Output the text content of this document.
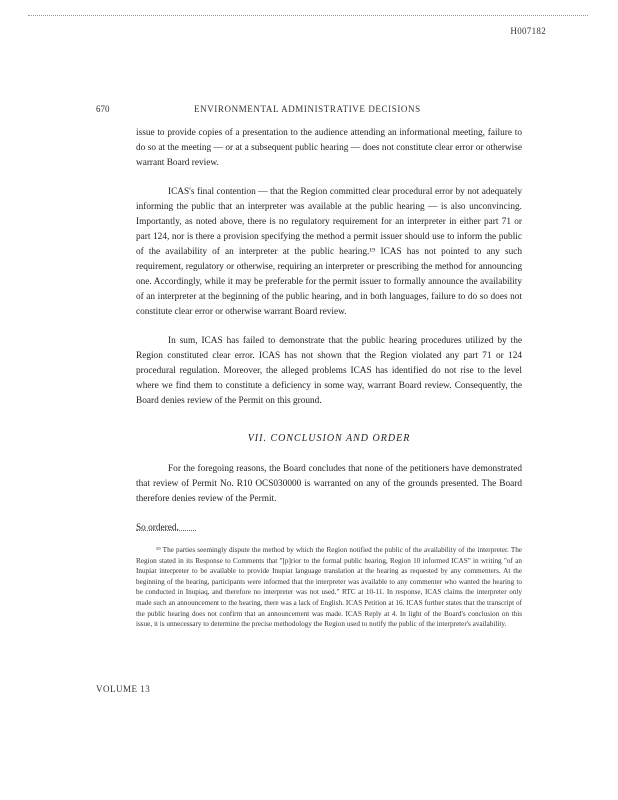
H007182
670	ENVIRONMENTAL ADMINISTRATIVE DECISIONS

issue to provide copies of a presentation to the audience attending an informational meeting, failure to do so at the meeting — or at a subsequent public hearing — does not constitute clear error or otherwise warrant Board review.

ICAS's final contention — that the Region committed clear procedural error by not adequately informing the public that an interpreter was available at the public hearing — is also unconvincing. Importantly, as noted above, there is no regulatory requirement for an interpreter in either part 71 or part 124, nor is there a provision specifying the method a permit issuer should use to inform the public of the availability of an interpreter at the public hearing.¹⁹ ICAS has not pointed to any such requirement, regulatory or otherwise, requiring an interpreter or prescribing the method for announcing one. Accordingly, while it may be preferable for the permit issuer to formally announce the availability of an interpreter at the beginning of the public hearing, and in both languages, failure to do so does not constitute clear error or otherwise warrant Board review.

In sum, ICAS has failed to demonstrate that the public hearing procedures utilized by the Region constituted clear error. ICAS has not shown that the Region violated any part 71 or 124 procedural regulation. Moreover, the alleged problems ICAS has identified do not rise to the level where we find them to constitute a deficiency in some way, warrant Board review. Consequently, the Board denies review of the Permit on this ground.

VII. CONCLUSION AND ORDER

For the foregoing reasons, the Board concludes that none of the petitioners have demonstrated that review of Permit No. R10 OCS030000 is warranted on any of the grounds presented. The Board therefore denies review of the Permit.

So ordered.

¹⁹ The parties seemingly dispute the method by which the Region notified the public of the availability of the interpreter. The Region stated in its Response to Comments that "[p]rior to the formal public hearing, Region 10 informed ICAS" in writing "of an Inupiat interpreter to be available to provide Inupiat language translation at the hearing as requested by any commenters. At the beginning of the hearing, participants were informed that the interpreter was available to any commenter who wanted the hearing to be conducted in Inupiaq, and therefore no interpreter was not used." RTC at 10-11. In response, ICAS claims the interpreter only made such an announcement to the hearing, there was a lack of English. ICAS Petition at 16. ICAS further states that the transcript of the public hearing does not confirm that an announcement was made. ICAS Reply at 4. In light of the Board's conclusion on this issue, it is unnecessary to determine the precise methodology the Region used to notify the public of the interpreter's availability.
VOLUME 13
